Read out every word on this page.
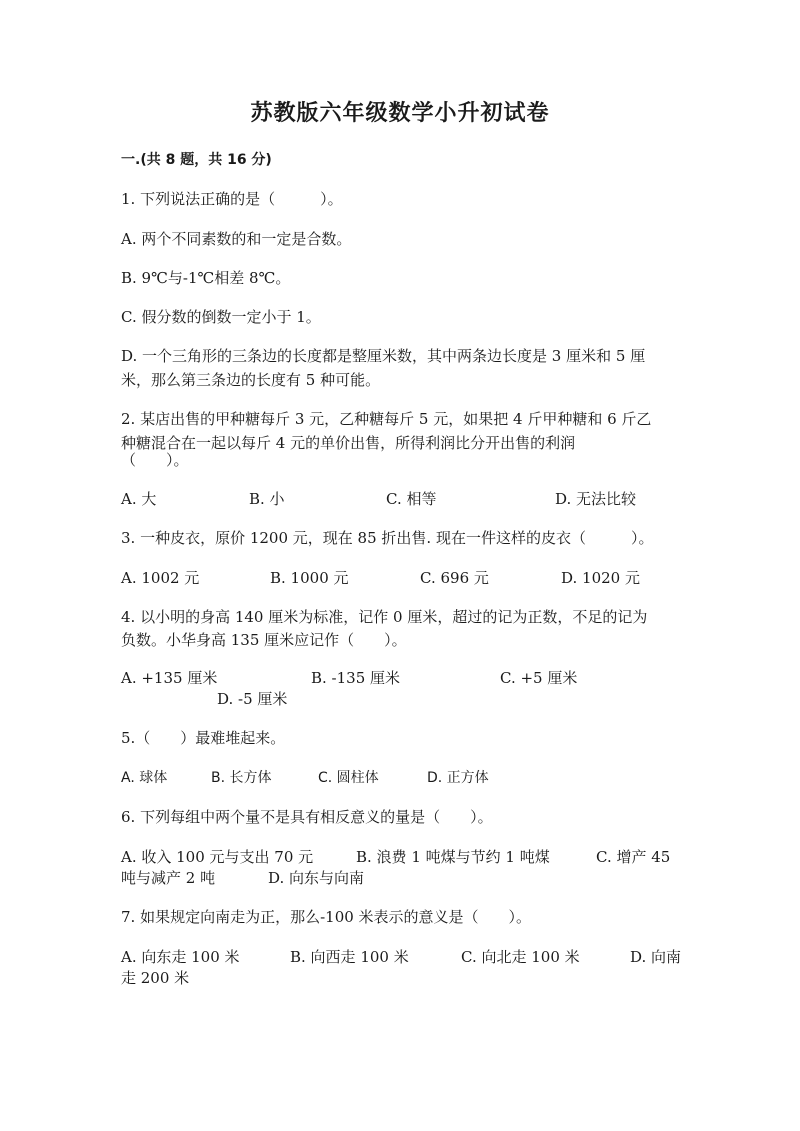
苏教版六年级数学小升初试卷
一.(共 8 题，共 16 分)
1. 下列说法正确的是（　　　）。
A. 两个不同素数的和一定是合数。
B. 9℃与-1℃相差 8℃。
C. 假分数的倒数一定小于 1。
D. 一个三角形的三条边的长度都是整厘米数，其中两条边长度是 3 厘米和 5 厘
米，那么第三条边的长度有 5 种可能。
2. 某店出售的甲种糖每斤 3 元，乙种糖每斤 5 元，如果把 4 斤甲种糖和 6 斤乙
种糖混合在一起以每斤 4 元的单价出售，所得利润比分开出售的利润
（　　）。
A. 大	B. 小	C. 相等	D. 无法比较
3. 一种皮衣，原价 1200 元，现在 85 折出售. 现在一件这样的皮衣（　　　）。
A. 1002 元	B. 1000 元	C. 696 元	D. 1020 元
4. 以小明的身高 140 厘米为标准，记作 0 厘米，超过的记为正数，不足的记为
负数。小华身高 135 厘米应记作（　　）。
A. +135 厘米	B. -135 厘米	C. +5 厘米
D. -5 厘米
5.（　　）最难堆起来。
A. 球体	B. 长方体	C. 圆柱体	D. 正方体
6. 下列每组中两个量不是具有相反意义的量是（　　）。
A. 收入 100 元与支出 70 元	B. 浪费 1 吨煤与节约 1 吨煤	C. 增产 45
吨与减产 2 吨	D. 向东与向南
7. 如果规定向南走为正，那么-100 米表示的意义是（　　）。
A. 向东走 100 米	B. 向西走 100 米	C. 向北走 100 米	D. 向南
走 200 米
